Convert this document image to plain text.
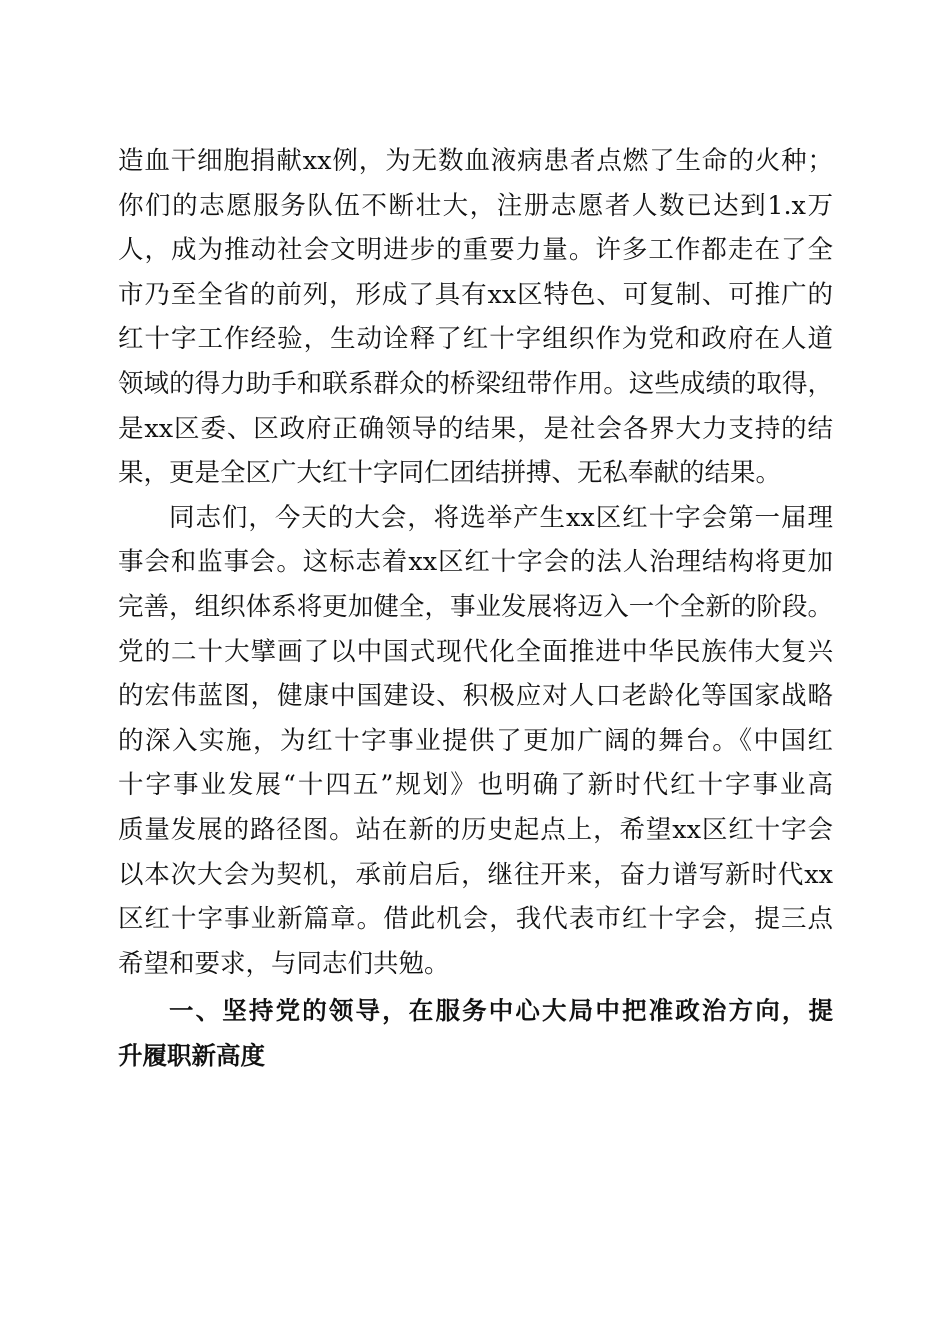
造血干细胞捐献xx例，为无数血液病患者点燃了生命的火种；
你们的志愿服务队伍不断壮大，注册志愿者人数已达到1.x万
人，成为推动社会文明进步的重要力量。许多工作都走在了全
市乃至全省的前列，形成了具有xx区特色、可复制、可推广的
红十字工作经验，生动诠释了红十字组织作为党和政府在人道
领域的得力助手和联系群众的桥梁纽带作用。这些成绩的取得，
是xx区委、区政府正确领导的结果，是社会各界大力支持的结
果，更是全区广大红十字同仁团结拼搏、无私奉献的结果。
同志们，今天的大会，将选举产生xx区红十字会第一届理
事会和监事会。这标志着xx区红十字会的法人治理结构将更加
完善，组织体系将更加健全，事业发展将迈入一个全新的阶段。
党的二十大擘画了以中国式现代化全面推进中华民族伟大复兴
的宏伟蓝图，健康中国建设、积极应对人口老龄化等国家战略
的深入实施，为红十字事业提供了更加广阔的舞台。《中国红
十字事业发展“十四五”规划》也明确了新时代红十字事业高
质量发展的路径图。站在新的历史起点上，希望xx区红十字会
以本次大会为契机，承前启后，继往开来，奋力谱写新时代xx
区红十字事业新篇章。借此机会，我代表市红十字会，提三点
希望和要求，与同志们共勉。
一、坚持党的领导，在服务中心大局中把准政治方向，提
升履职新高度
